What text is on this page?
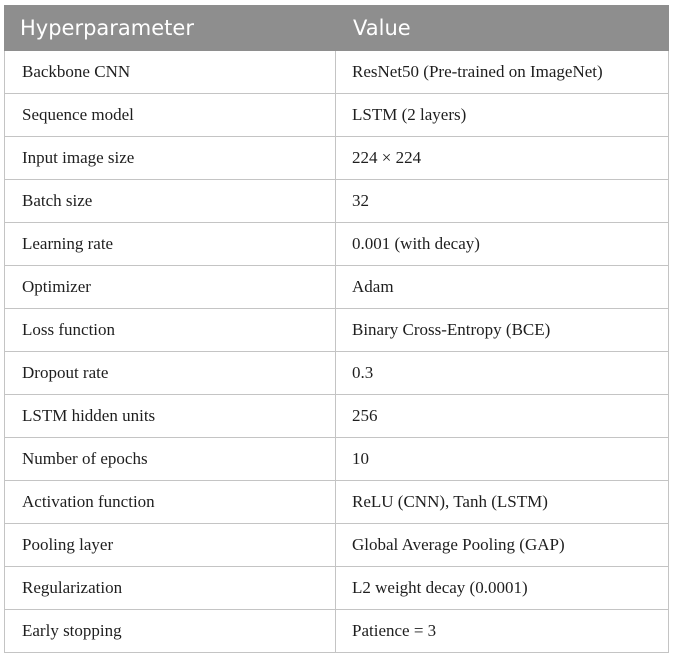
Hyperparameter	Value
Backbone CNN	ResNet50 (Pre-trained on ImageNet)
Sequence model	LSTM (2 layers)
Input image size	224 × 224
Batch size	32
Learning rate	0.001 (with decay)
Optimizer	Adam
Loss function	Binary Cross-Entropy (BCE)
Dropout rate	0.3
LSTM hidden units	256
Number of epochs	10
Activation function	ReLU (CNN), Tanh (LSTM)
Pooling layer	Global Average Pooling (GAP)
Regularization	L2 weight decay (0.0001)
Early stopping	Patience = 3
